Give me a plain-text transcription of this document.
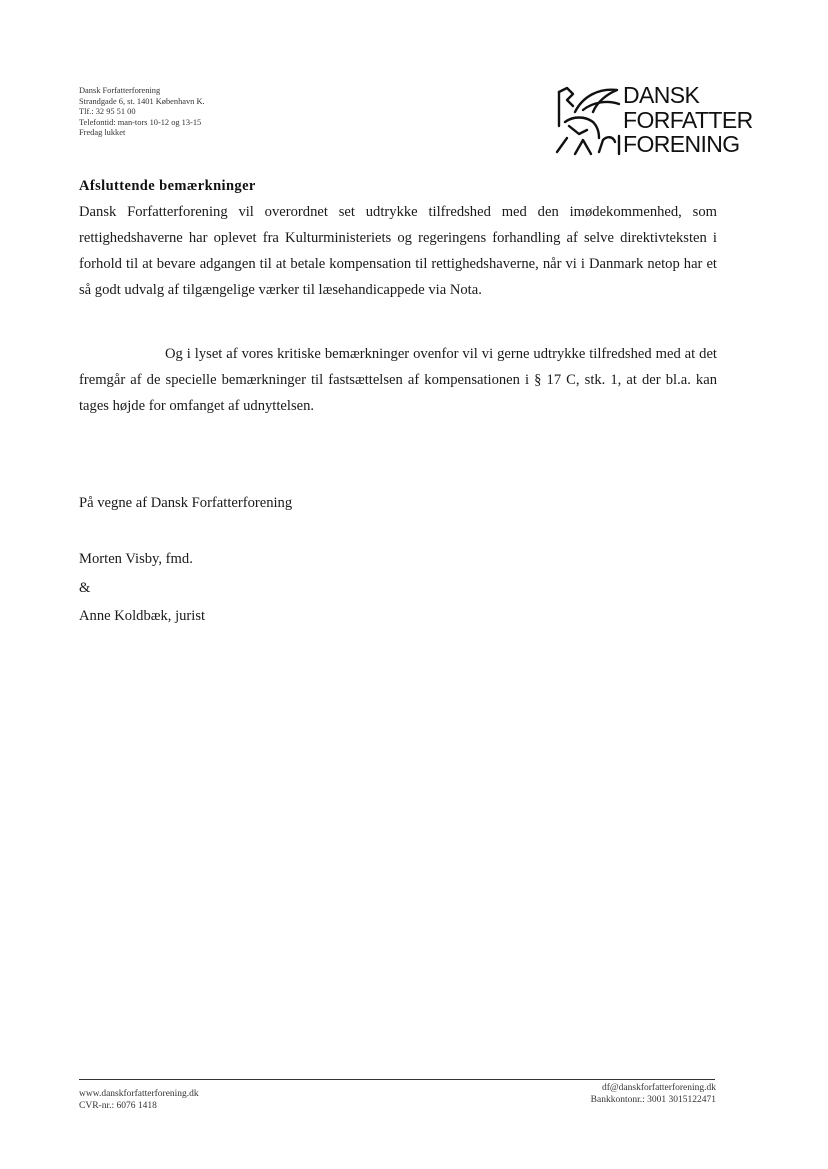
Dansk Forfatterforening
Strandgade 6, st. 1401 København K.
Tlf.: 32 95 51 00
Telefontid: man-tors 10-12 og 13-15
Fredag lukket
DANSK
FORFATTER
FORENING
Afsluttende bemærkninger
Dansk Forfatterforening vil overordnet set udtrykke tilfredshed med den imødekommenhed, som rettighedshaverne har oplevet fra Kulturministeriets og regeringens forhandling af selve direktivteksten i forhold til at bevare adgangen til at betale kompensation til rettighedshaverne, når vi i Danmark netop har et så godt udvalg af tilgængelige værker til læsehandicappede via Nota.
Og i lyset af vores kritiske bemærkninger ovenfor vil vi gerne udtrykke tilfredshed med at det fremgår af de specielle bemærkninger til fastsættelsen af kompensationen i § 17 C, stk. 1, at der bl.a. kan tages højde for omfanget af udnyttelsen.
På vegne af Dansk Forfatterforening
Morten Visby, fmd.
&
Anne Koldbæk, jurist
www.danskforfatterforening.dk
CVR-nr.: 6076 1418
df@danskforfatterforening.dk
Bankkontonr.: 3001 3015122471
